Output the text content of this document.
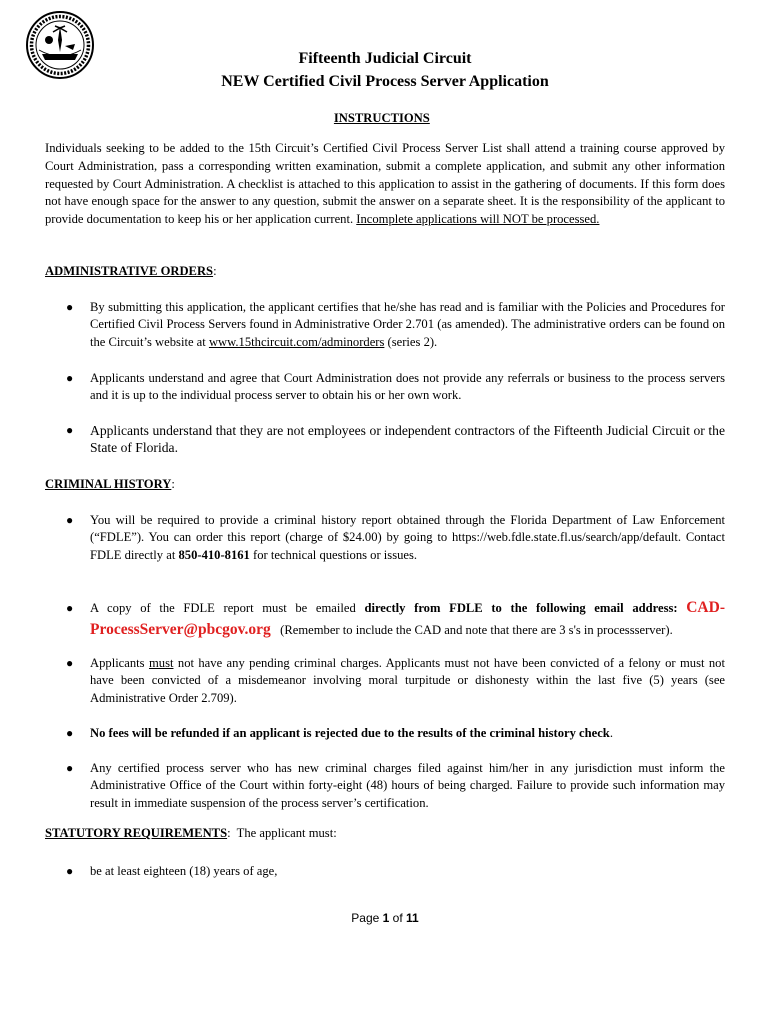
Fifteenth Judicial Circuit
NEW Certified Civil Process Server Application
INSTRUCTIONS
Individuals seeking to be added to the 15th Circuit’s Certified Civil Process Server List shall attend a training course approved by Court Administration, pass a corresponding written examination, submit a complete application, and submit any other information requested by Court Administration. A checklist is attached to this application to assist in the gathering of documents. If this form does not have enough space for the answer to any question, submit the answer on a separate sheet. It is the responsibility of the applicant to provide documentation to keep his or her application current. Incomplete applications will NOT be processed.
ADMINISTRATIVE ORDERS:
● By submitting this application, the applicant certifies that he/she has read and is familiar with the Policies and Procedures for Certified Civil Process Servers found in Administrative Order 2.701 (as amended). The administrative orders can be found on the Circuit’s website at www.15thcircuit.com/adminorders (series 2).
● Applicants understand and agree that Court Administration does not provide any referrals or business to the process servers and it is up to the individual process server to obtain his or her own work.
● Applicants understand that they are not employees or independent contractors of the Fifteenth Judicial Circuit or the State of Florida.
CRIMINAL HISTORY:
● You will be required to provide a criminal history report obtained through the Florida Department of Law Enforcement (“FDLE”). You can order this report (charge of $24.00) by going to https://web.fdle.state.fl.us/search/app/default. Contact FDLE directly at 850-410-8161 for technical questions or issues.
● A copy of the FDLE report must be emailed directly from FDLE to the following email address: CAD-ProcessServer@pbcgov.org (Remember to include the CAD and note that there are 3 s's in processserver).
● Applicants must not have any pending criminal charges. Applicants must not have been convicted of a felony or must not have been convicted of a misdemeanor involving moral turpitude or dishonesty within the last five (5) years (see Administrative Order 2.709).
● No fees will be refunded if an applicant is rejected due to the results of the criminal history check.
● Any certified process server who has new criminal charges filed against him/her in any jurisdiction must inform the Administrative Office of the Court within forty-eight (48) hours of being charged. Failure to provide such information may result in immediate suspension of the process server’s certification.
STATUTORY REQUIREMENTS:  The applicant must:
● be at least eighteen (18) years of age,
Page 1 of 11
